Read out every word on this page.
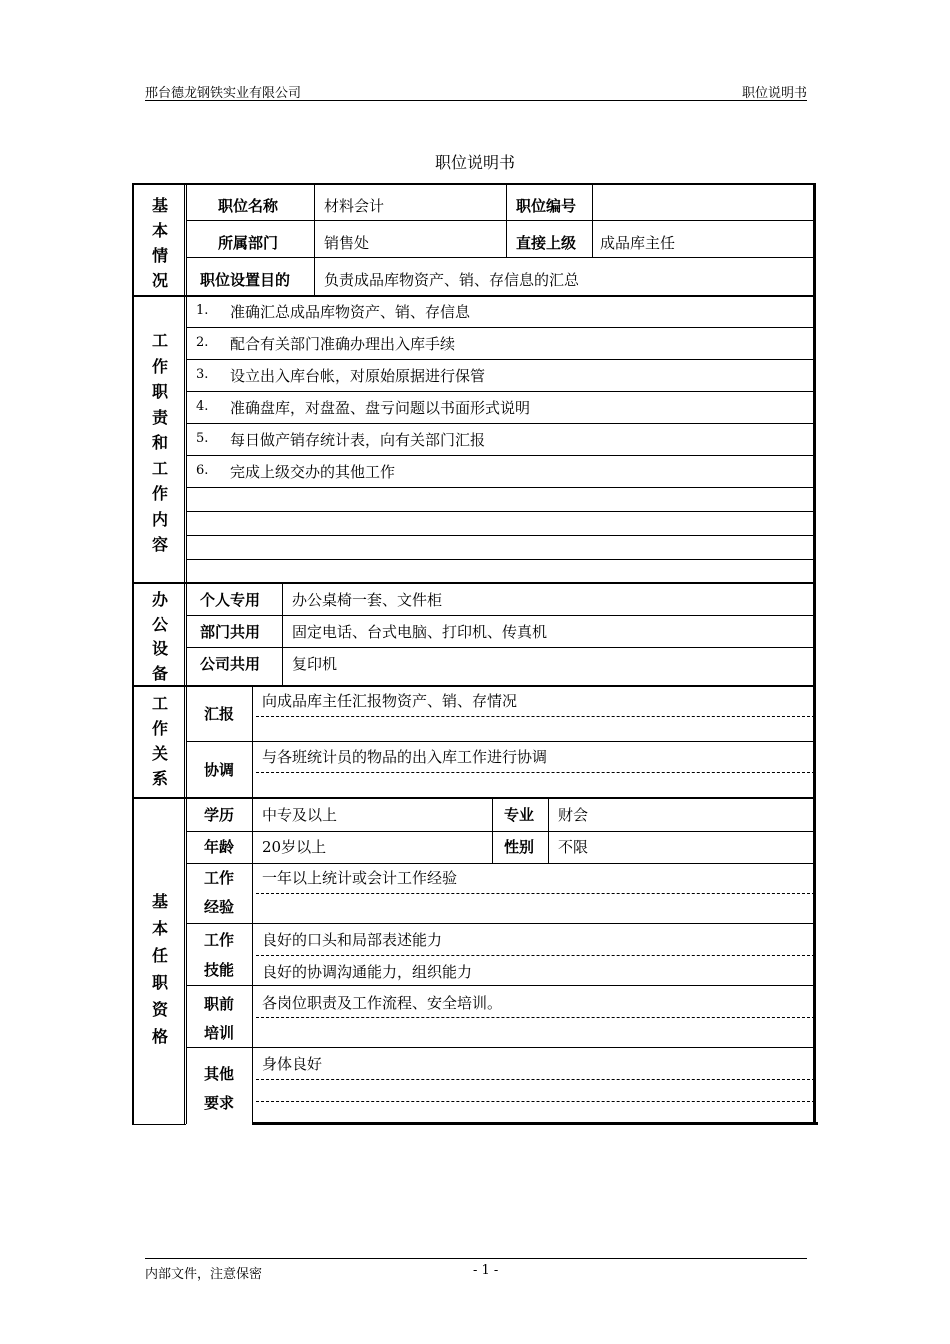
邢台德龙钢铁实业有限公司	职位说明书
职位说明书
基本情况
职位名称	材料会计	职位编号
所属部门	销售处	直接上级 成品库主任
职位设置目的 负责成品库物资产、销、存信息的汇总
工作职责和工作内容
1. 准确汇总成品库物资产、销、存信息
2. 配合有关部门准确办理出入库手续
3. 设立出入库台帐，对原始原据进行保管
4. 准确盘库，对盘盈、盘亏问题以书面形式说明
5. 每日做产销存统计表，向有关部门汇报
6. 完成上级交办的其他工作
办公设备
个人专用 办公桌椅一套、文件柜
部门共用 固定电话、台式电脑、打印机、传真机
公司共用 复印机
工作关系
汇报
向成品库主任汇报物资产、销、存情况
协调
与各班统计员的物品的出入库工作进行协调
基本任职资格
学历 中专及以上	专业 财会
年龄 20岁以上	性别 不限
工作
经验
一年以上统计或会计工作经验
工作
技能
良好的口头和局部表述能力
良好的协调沟通能力，组织能力
职前
培训
各岗位职责及工作流程、安全培训。
其他
要求
身体良好
内部文件，注意保密	- 1 -
